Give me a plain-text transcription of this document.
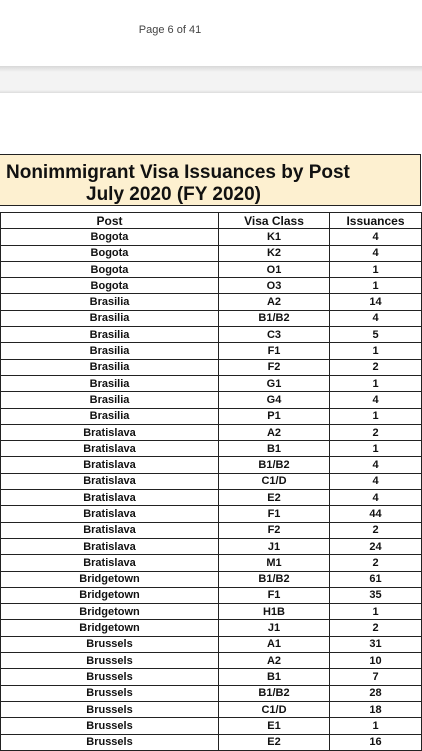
Page 6 of 41
Nonimmigrant Visa Issuances by Post
July 2020 (FY 2020)
Post	Visa Class	Issuances
Bogota	K1	4
Bogota	K2	4
Bogota	O1	1
Bogota	O3	1
Brasilia	A2	14
Brasilia	B1/B2	4
Brasilia	C3	5
Brasilia	F1	1
Brasilia	F2	2
Brasilia	G1	1
Brasilia	G4	4
Brasilia	P1	1
Bratislava	A2	2
Bratislava	B1	1
Bratislava	B1/B2	4
Bratislava	C1/D	4
Bratislava	E2	4
Bratislava	F1	44
Bratislava	F2	2
Bratislava	J1	24
Bratislava	M1	2
Bridgetown	B1/B2	61
Bridgetown	F1	35
Bridgetown	H1B	1
Bridgetown	J1	2
Brussels	A1	31
Brussels	A2	10
Brussels	B1	7
Brussels	B1/B2	28
Brussels	C1/D	18
Brussels	E1	1
Brussels	E2	16
